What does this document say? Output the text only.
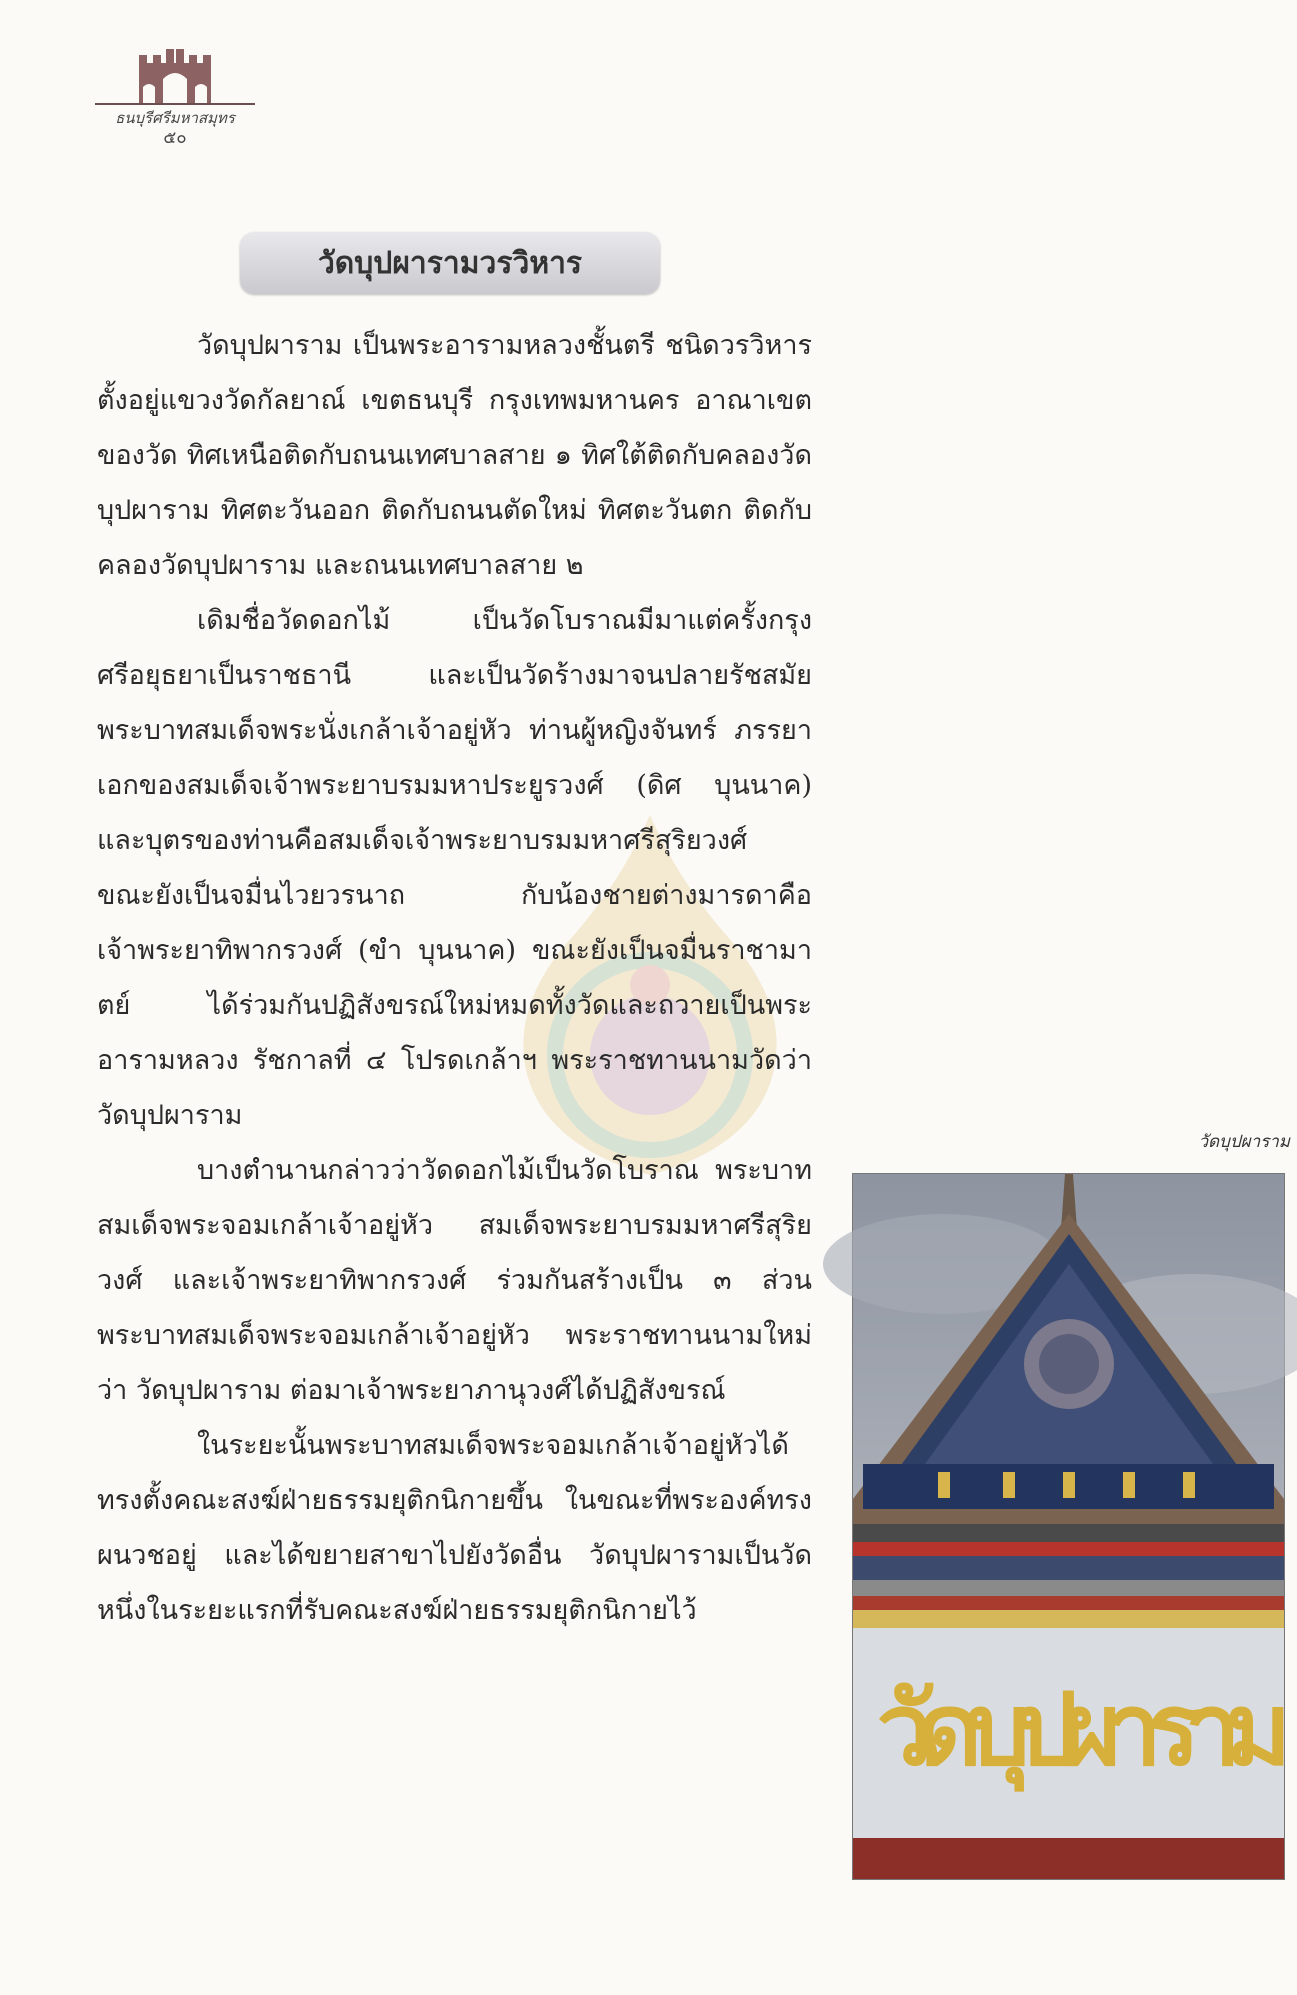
ธนบุรีศรีมหาสมุทร
๕๐
วัดบุปผารามวรวิหาร

วัดบุปผาราม เป็นพระอารามหลวงชั้นตรี ชนิดวรวิหาร ตั้งอยู่แขวงวัดกัลยาณ์ เขตธนบุรี กรุงเทพมหานคร อาณาเขตของวัด ทิศเหนือติดกับถนนเทศบาลสาย ๑ ทิศใต้ติดกับคลองวัดบุปผาราม ทิศตะวันออก ติดกับถนนตัดใหม่ ทิศตะวันตก ติดกับคลองวัดบุปผาราม และถนนเทศบาลสาย ๒

เดิมชื่อวัดดอกไม้ เป็นวัดโบราณมีมาแต่ครั้งกรุงศรีอยุธยาเป็นราชธานี และเป็นวัดร้างมาจนปลายรัชสมัยพระบาทสมเด็จพระนั่งเกล้าเจ้าอยู่หัว ท่านผู้หญิงจันทร์ ภรรยาเอกของสมเด็จเจ้าพระยาบรมมหาประยูรวงศ์ (ดิศ บุนนาค) และบุตรของท่านคือสมเด็จเจ้าพระยาบรมมหาศรีสุริยวงศ์ ขณะยังเป็นจมื่นไวยวรนาถ กับน้องชายต่างมารดาคือเจ้าพระยาทิพากรวงศ์ (ขำ บุนนาค) ขณะยังเป็นจมื่นราชามาตย์ ได้ร่วมกันปฏิสังขรณ์ใหม่หมดทั้งวัดและถวายเป็นพระอารามหลวง รัชกาลที่ ๔ โปรดเกล้าฯ พระราชทานนามวัดว่า วัดบุปผาราม

บางตำนานกล่าวว่าวัดดอกไม้เป็นวัดโบราณ พระบาทสมเด็จพระจอมเกล้าเจ้าอยู่หัว สมเด็จพระยาบรมมหาศรีสุริยวงศ์ และเจ้าพระยาทิพากรวงศ์ ร่วมกันสร้างเป็น ๓ ส่วน พระบาทสมเด็จพระจอมเกล้าเจ้าอยู่หัว พระราชทานนามใหม่ว่า วัดบุปผาราม ต่อมาเจ้าพระยาภานุวงศ์ได้ปฏิสังขรณ์

ในระยะนั้นพระบาทสมเด็จพระจอมเกล้าเจ้าอยู่หัวได้ทรงตั้งคณะสงฆ์ฝ่ายธรรมยุติกนิกายขึ้น ในขณะที่พระองค์ทรงผนวชอยู่ และได้ขยายสาขาไปยังวัดอื่น วัดบุปผารามเป็นวัดหนึ่งในระยะแรกที่รับคณะสงฆ์ฝ่ายธรรมยุติกนิกายไว้

วัดบุปผาราม
วัดบุปผาราม
